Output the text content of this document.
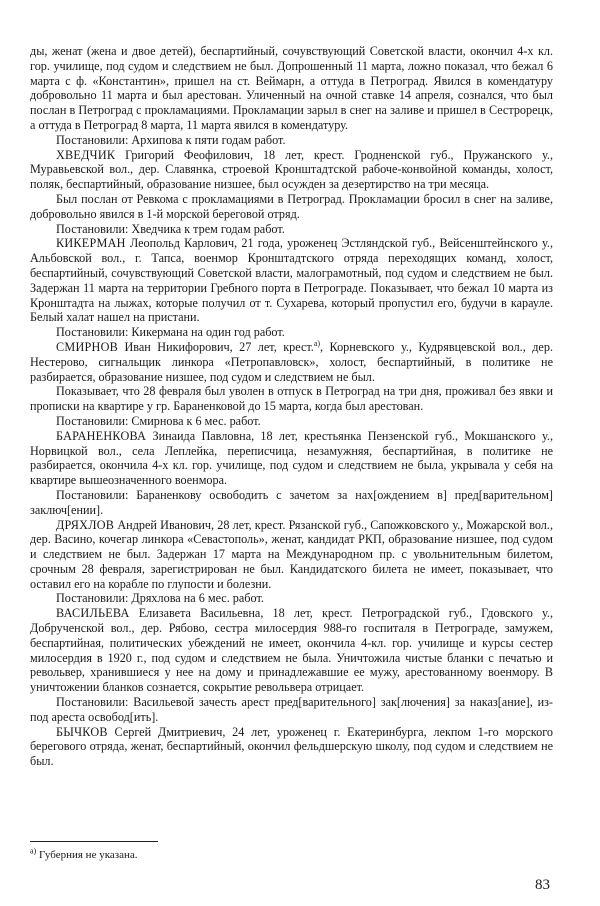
ды, женат (жена и двое детей), беспартийный, сочувствующий Советской власти, окончил 4-х кл. гор. училище, под судом и следствием не был. Допрошенный 11 марта, ложно показал, что бежал 6 марта с ф. «Константин», пришел на ст. Веймарн, а оттуда в Петроград. Явился в комендатуру добровольно 11 марта и был арестован. Уличенный на очной ставке 14 апреля, сознался, что был послан в Петроград с прокламациями. Прокламации зарыл в снег на заливе и пришел в Сестрорецк, а оттуда в Петроград 8 марта, 11 марта явился в комендатуру.

Постановили: Архипова к пяти годам работ.

ХВЕДЧИК Григорий Феофилович, 18 лет, крест. Гродненской губ., Пружанского у., Муравьевской вол., дер. Славянка, строевой Кронштадтской рабоче-конвойной команды, холост, поляк, беспартийный, образование низшее, был осужден за дезертирство на три месяца.

Был послан от Ревкома с прокламациями в Петроград. Прокламации бросил в снег на заливе, добровольно явился в 1-й морской береговой отряд.

Постановили: Хведчика к трем годам работ.

КИКЕРМАН Леопольд Карлович, 21 года, уроженец Эстляндской губ., Вейсенштейнского у., Альбовской вол., г. Тапса, военмор Кронштадтского отряда переходящих команд, холост, беспартийный, сочувствующий Советской власти, малограмотный, под судом и следствием не был. Задержан 11 марта на территории Гребного порта в Петрограде. Показывает, что бежал 10 марта из Кронштадта на лыжах, которые получил от т. Сухарева, который пропустил его, будучи в карауле. Белый халат нашел на пристани.

Постановили: Кикермана на один год работ.

СМИРНОВ Иван Никифорович, 27 лет, крест.$^{а)}$, Корневского у., Кудрявцевской вол., дер. Нестерово, сигнальщик линкора «Петропавловск», холост, беспартийный, в политике не разбирается, образование низшее, под судом и следствием не был.

Показывает, что 28 февраля был уволен в отпуск в Петроград на три дня, проживал без явки и прописки на квартире у гр. Бараненковой до 15 марта, когда был арестован.

Постановили: Смирнова к 6 мес. работ.

БАРАНЕНКОВА Зинаида Павловна, 18 лет, крестьянка Пензенской губ., Мокшанского у., Норвицкой вол., села Леплейка, переписчица, незамужняя, беспартийная, в политике не разбирается, окончила 4-х кл. гор. училище, под судом и следствием не была, укрывала у себя на квартире вышеозначенного военмора.

Постановили: Бараненкову освободить с зачетом за нах[ождением в] пред[варительном] заключ[ении].

ДРЯХЛОВ Андрей Иванович, 28 лет, крест. Рязанской губ., Сапожковского у., Можарской вол., дер. Васино, кочегар линкора «Севастополь», женат, кандидат РКП, образование низшее, под судом и следствием не был. Задержан 17 марта на Международном пр. с увольнительным билетом, срочным 28 февраля, зарегистрирован не был. Кандидатского билета не имеет, показывает, что оставил его на корабле по глупости и болезни.

Постановили: Дряхлова на 6 мес. работ.

ВАСИЛЬЕВА Елизавета Васильевна, 18 лет, крест. Петроградской губ., Гдовского у., Добрученской вол., дер. Рябово, сестра милосердия 988-го госпиталя в Петрограде, замужем, беспартийная, политических убеждений не имеет, окончила 4-кл. гор. училище и курсы сестер милосердия в 1920 г., под судом и следствием не была. Уничтожила чистые бланки с печатью и револьвер, хранившиеся у нее на дому и принадлежавшие ее мужу, арестованному военмору. В уничтожении бланков сознается, сокрытие револьвера отрицает.

Постановили: Васильевой зачесть арест пред[варительного] зак[лючения] за наказ[ание], из-под ареста освобод[ить].

БЫЧКОВ Сергей Дмитриевич, 24 лет, уроженец г. Екатеринбурга, лекпом 1-го морского берегового отряда, женат, беспартийный, окончил фельдшерскую школу, под судом и следствием не был.

$^{а)}$ Губерния не указана.
83
